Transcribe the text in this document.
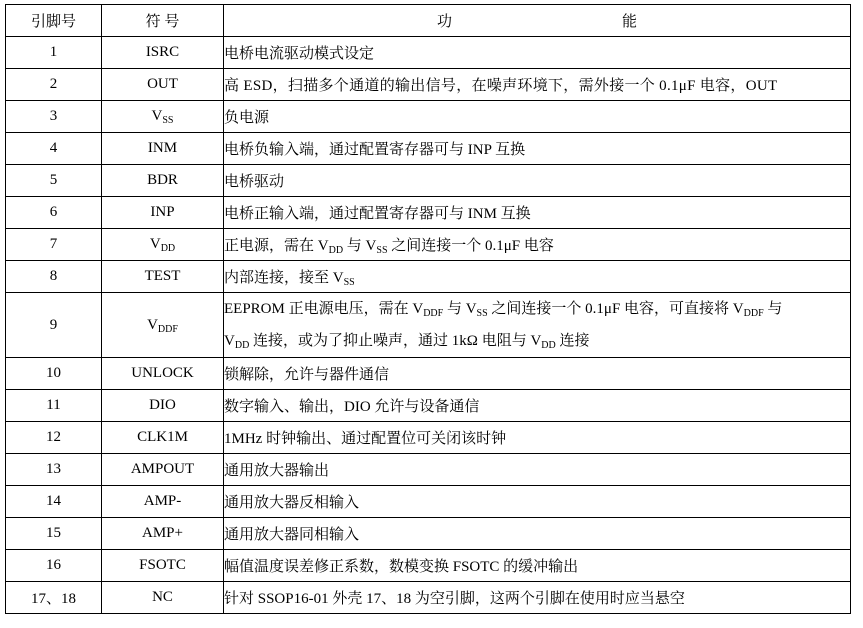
引脚号	符 号	功 能

1	ISRC	电桥电流驱动模式设定
2	OUT	高 ESD，扫描多个通道的输出信号，在噪声环境下，需外接一个 0.1μF 电容，OUT
3	$V_{SS}$	负电源
4	INM	电桥负输入端，通过配置寄存器可与 INP 互换
5	BDR	电桥驱动
6	INP	电桥正输入端，通过配置寄存器可与 INM 互换
7	$V_{DD}$	正电源，需在 $V_{DD}$ 与 $V_{SS}$ 之间连接一个 0.1μF 电容
8	TEST	内部连接，接至 $V_{SS}$
9	$V_{DDF}$	EEPROM 正电源电压，需在 $V_{DDF}$ 与 $V_{SS}$ 之间连接一个 0.1μF 电容，可直接将 $V_{DDF}$ 与
$V_{DD}$ 连接，或为了抑止噪声，通过 1kΩ 电阻与 $V_{DD}$ 连接

10	UNLOCK	锁解除，允许与器件通信
11	DIO	数字输入、输出，DIO 允许与设备通信
12	CLK1M	1MHz 时钟输出、通过配置位可关闭该时钟
13	AMPOUT	通用放大器输出
14	AMP-	通用放大器反相输入
15	AMP+	通用放大器同相输入
16	FSOTC	幅值温度误差修正系数，数模变换 FSOTC 的缓冲输出
17、18	NC	针对 SSOP16-01 外壳 17、18 为空引脚，这两个引脚在使用时应当悬空
